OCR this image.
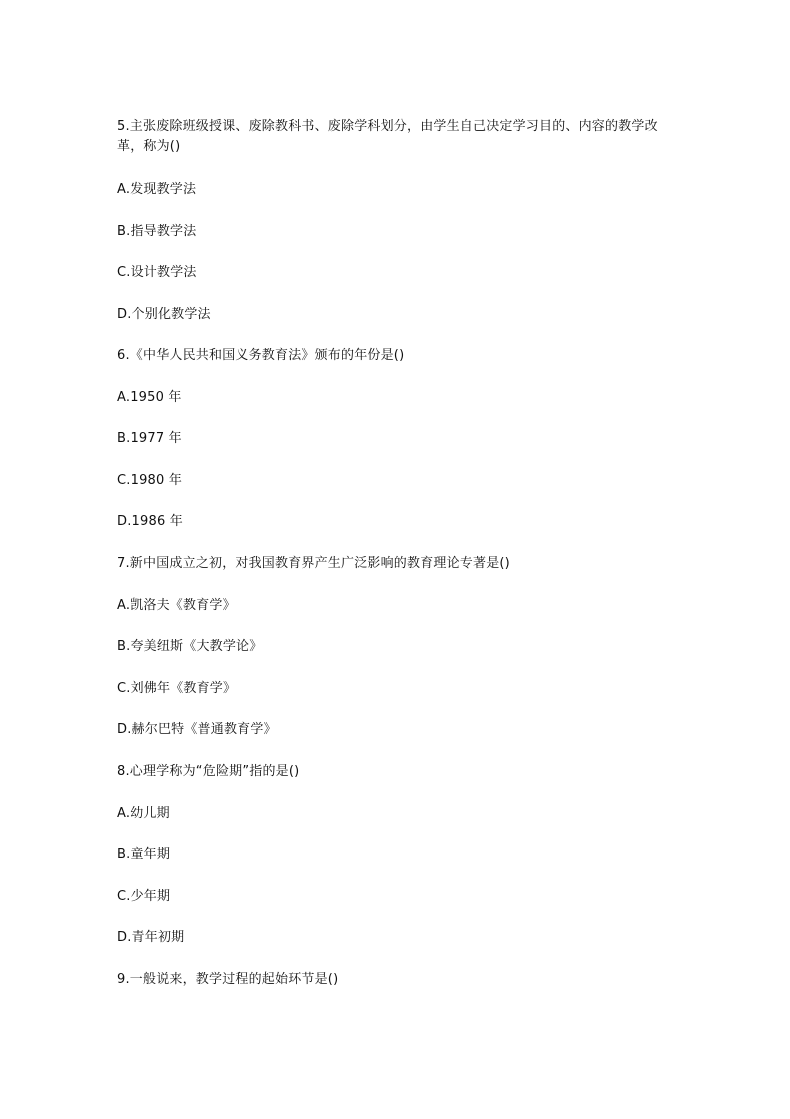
5.主张废除班级授课、废除教科书、废除学科划分，由学生自己决定学习目的、内容的教学改革，称为()
A.发现教学法
B.指导教学法
C.设计教学法
D.个别化教学法
6.《中华人民共和国义务教育法》颁布的年份是()
A.1950 年
B.1977 年
C.1980 年
D.1986 年
7.新中国成立之初，对我国教育界产生广泛影响的教育理论专著是()
A.凯洛夫《教育学》
B.夸美纽斯《大教学论》
C.刘佛年《教育学》
D.赫尔巴特《普通教育学》
8.心理学称为“危险期”指的是()
A.幼儿期
B.童年期
C.少年期
D.青年初期
9.一般说来，教学过程的起始环节是()
